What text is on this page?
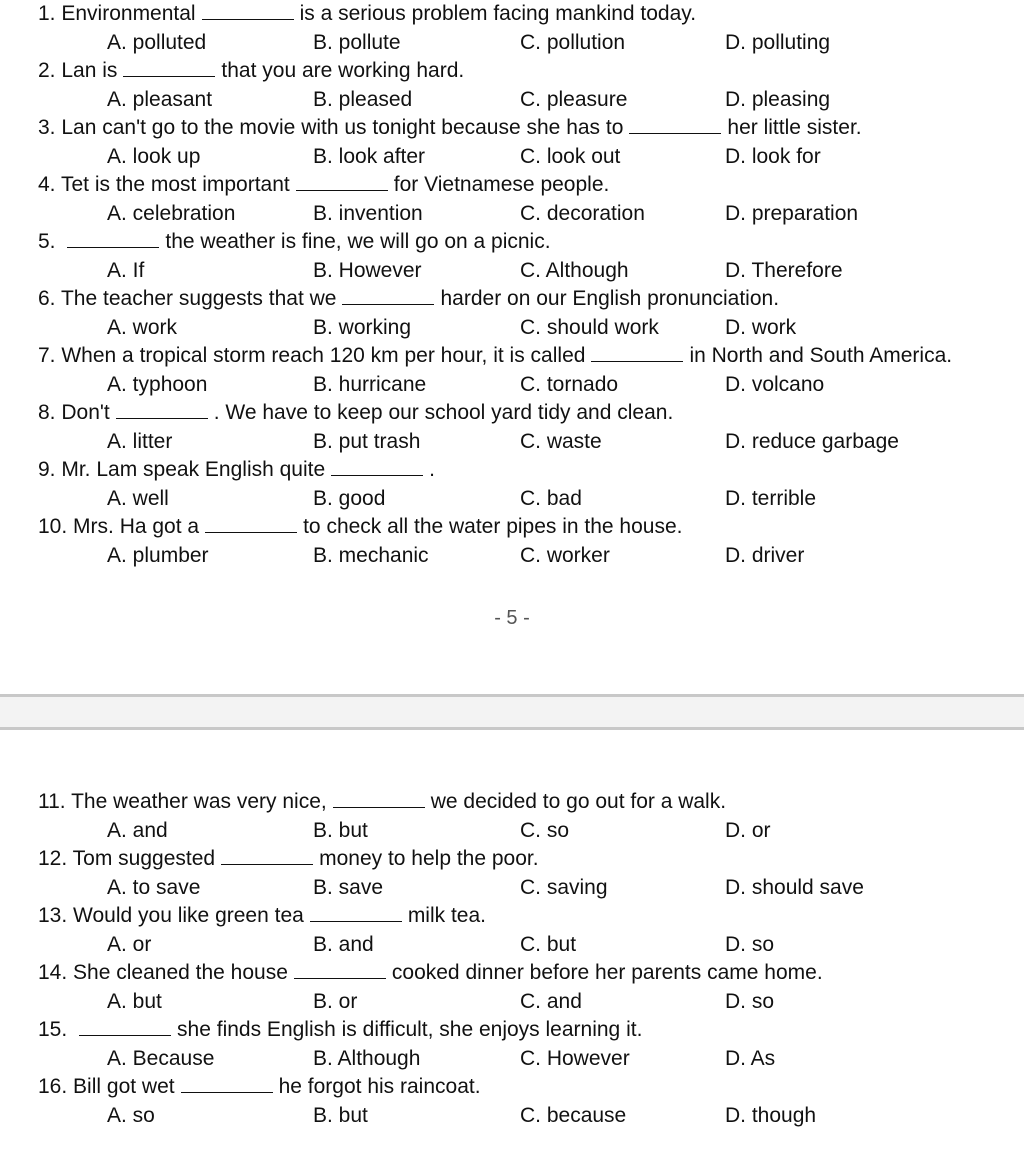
1. Environmental	is a serious problem facing mankind today.
A. polluted	B. pollute	C. pollution	D. polluting
2. Lan is	that you are working hard.
A. pleasant	B. pleased	C. pleasure	D. pleasing
3. Lan can't go to the movie with us tonight because she has to	her little sister.
A. look up	B. look after	C. look out	D. look for
4. Tet is the most important	for Vietnamese people.
A. celebration	B. invention	C. decoration	D. preparation
5.	the weather is fine, we will go on a picnic.
A. If	B. However	C. Although	D. Therefore
6. The teacher suggests that we	harder on our English pronunciation.
A. work	B. working	C. should work	D. work
7. When a tropical storm reach 120 km per hour, it is called	in North and South America.
A. typhoon	B. hurricane	C. tornado	D. volcano
8. Don't	. We have to keep our school yard tidy and clean.
A. litter	B. put trash	C. waste	D. reduce garbage
9. Mr. Lam speak English quite	.
A. well	B. good	C. bad	D. terrible
10. Mrs. Ha got a	to check all the water pipes in the house.
A. plumber	B. mechanic	C. worker	D. driver
- 5 -
11. The weather was very nice,	we decided to go out for a walk.
A. and	B. but	C. so	D. or
12. Tom suggested	money to help the poor.
A. to save	B. save	C. saving	D. should save
13. Would you like green tea	milk tea.
A. or	B. and	C. but	D. so
14. She cleaned the house	cooked dinner before her parents came home.
A. but	B. or	C. and	D. so
15.	she finds English is difficult, she enjoys learning it.
A. Because	B. Although	C. However	D. As
16. Bill got wet	he forgot his raincoat.
A. so	B. but	C. because	D. though
